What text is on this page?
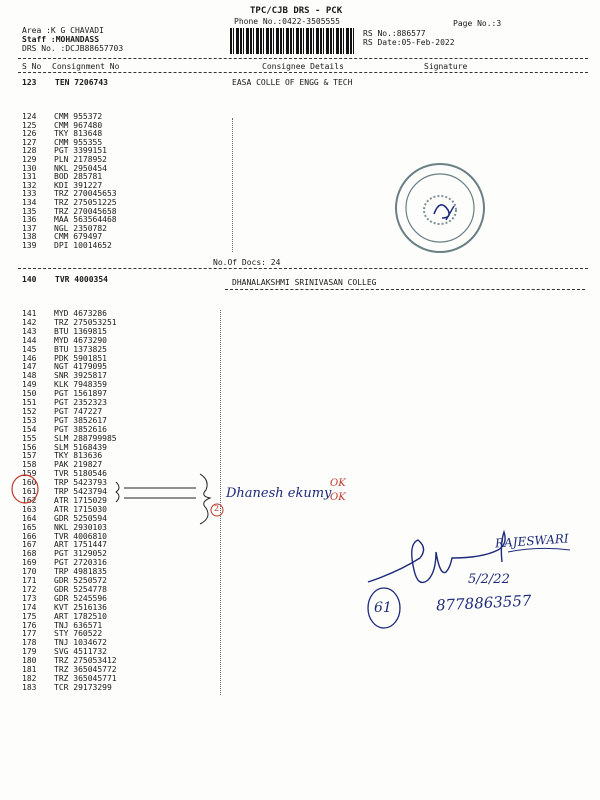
TPC/CJB DRS - PCK
Phone No.:0422-3505555	Page No.:3
Area :K G CHAVADI
Staff :MOHANDASS
DRS No. :DCJB88657703
RS No.:886577
RS Date:05-Feb-2022
S No Consignment No	Consignee Details	Signature
123 TEN 7206743	EASA COLLE OF ENGG & TECH
124 CMM 955372
125 CMM 967480
126 TKY 813648
127 CMM 955355
128 PGT 3399151
129 PLN 2178952
130 NKL 2950454
131 BOD 285781
132 KDI 391227
133 TRZ 270045653
134 TRZ 275051225
135 TRZ 270045658
136 MAA 563564468
137 NGL 2350782
138 CMM 679497
139 DPI 10014652
No.Of Docs: 24
140 TVR 4000354	DHANALAKSHMI SRINIVASAN COLLEG
141 MYD 4673286
142 TRZ 275053251
143 BTU 1369815
144 MYD 4673290
145 BTU 1373825
146 PDK 5901851
147 NGT 4179095
148 SNR 3925817
149 KLK 7948359
150 PGT 1561897
151 PGT 2352323
152 PGT 747227
153 PGT 3852617
154 PGT 3852616
155 SLM 288799985
156 SLM 5168439
157 TKY 813636
158 PAK 219827
159 TVR 5180546
160 TRP 5423793
161 TRP 5423794
162 ATR 1715029
163 ATR 1715030
164 GDR 5250594
165 NKL 2930103
166 TVR 4006810
167 ART 1751447
168 PGT 3129052
169 PGT 2720316
170 TRP 4981835
171 GDR 5250572
172 GDR 5254778
173 GDR 5245596
174 KVT 2516136
175 ART 1782510
176 TNJ 636571
177 STY 760522
178 TNJ 1034672
179 SVG 4511732
180 TRZ 275053412
181 TRZ 365045772
182 TRZ 365045771
183 TCR 29173299
2
Dhanesh ekumy
OK
OK
RAJESWARI
5/2/22
8778863557
61
